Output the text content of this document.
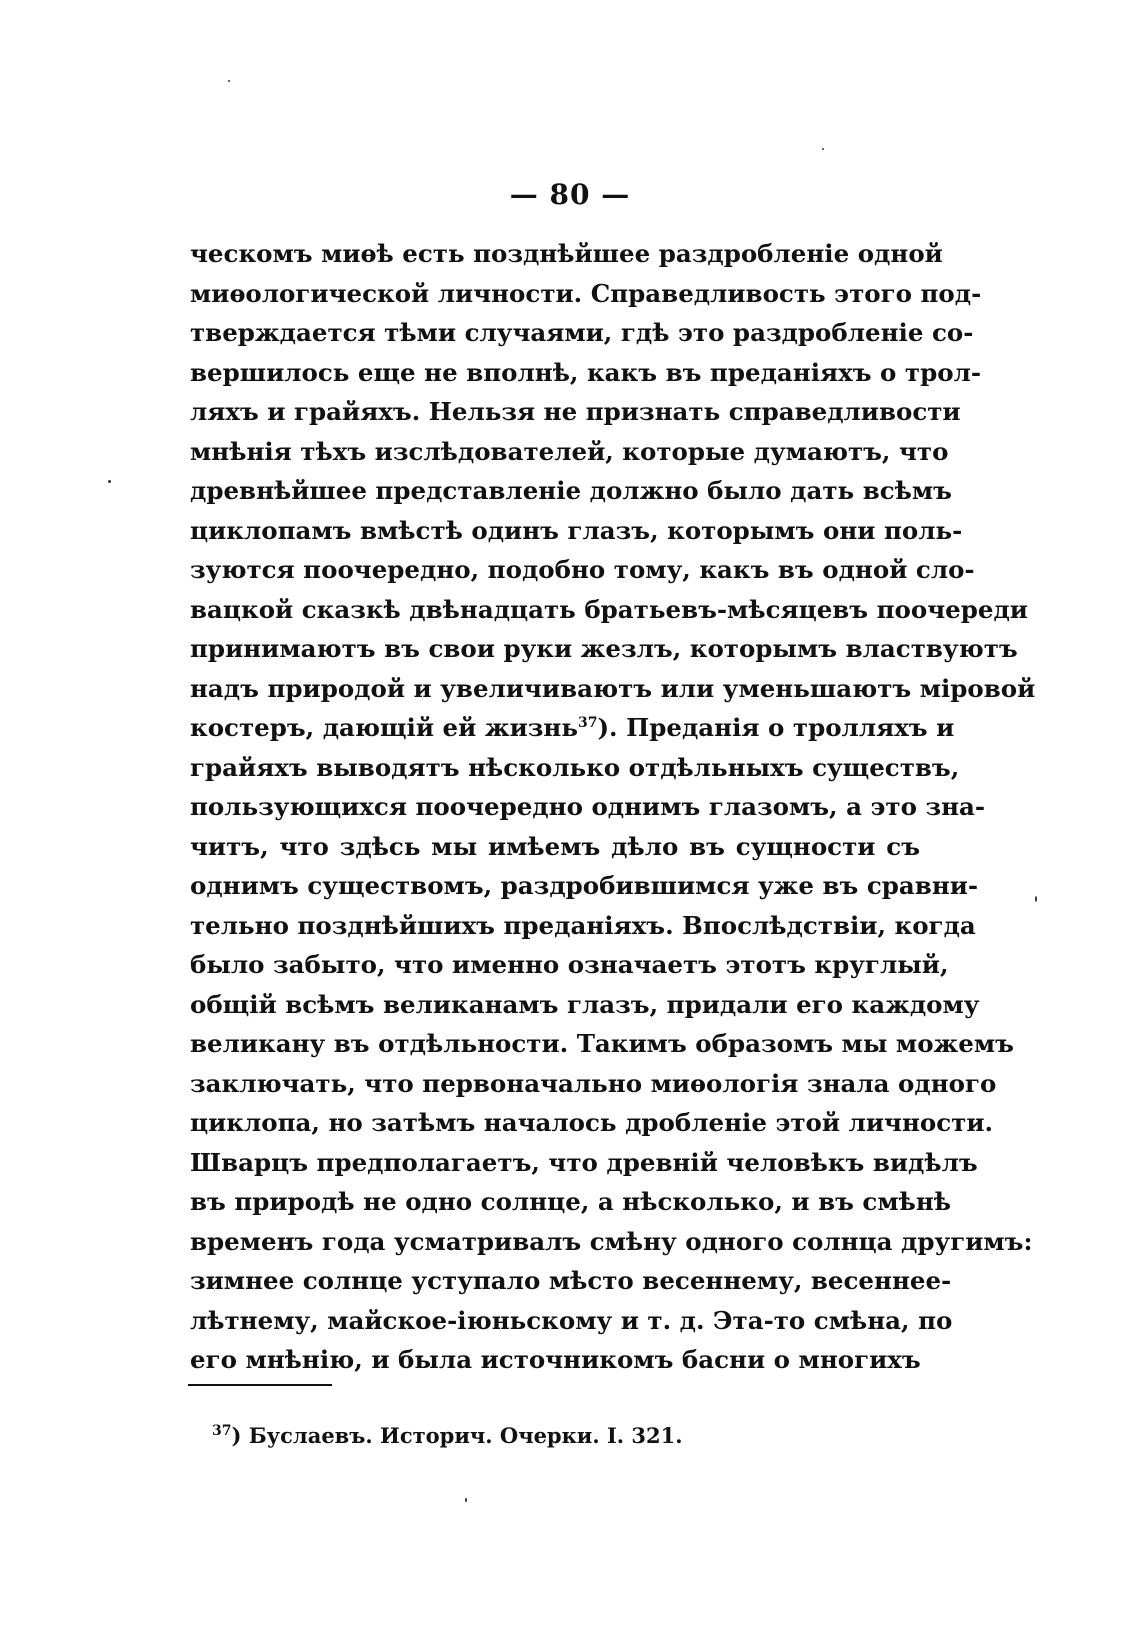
— 80 —
ческомъ миѳѣ есть позднѣйшее раздробленіе одной
миѳологической личности. Справедливость этого под-
тверждается тѣми случаями, гдѣ это раздробленіе со-
вершилось еще не вполнѣ, какъ въ преданіяхъ о трол-
ляхъ и грайяхъ. Нельзя не признать справедливости
мнѣнія тѣхъ изслѣдователей, которые думаютъ, что
древнѣйшее представленіе должно было дать всѣмъ
циклопамъ вмѣстѣ одинъ глазъ, которымъ они поль-
зуются поочередно, подобно тому, какъ въ одной сло-
вацкой сказкѣ двѣнадцать братьевъ-мѣсяцевъ поочереди
принимаютъ въ свои руки жезлъ, которымъ властвуютъ
надъ природой и увеличиваютъ или уменьшаютъ міровой
костеръ, дающій ей жизнь$^{37}$). Преданія о тролляхъ и
грайяхъ выводятъ нѣсколько отдѣльныхъ существъ,
пользующихся поочередно однимъ глазомъ, а это зна-
читъ, что здѣсь мы имѣемъ дѣло въ сущности съ
однимъ существомъ, раздробившимся уже въ сравни-
тельно позднѣйшихъ преданіяхъ. Впослѣдствіи, когда
было забыто, что именно означаетъ этотъ круглый,
общій всѣмъ великанамъ глазъ, придали его каждому
великану въ отдѣльности. Такимъ образомъ мы можемъ
заключать, что первоначально миѳологія знала одного
циклопа, но затѣмъ началось дробленіе этой личности.
Шварцъ предполагаетъ, что древній человѣкъ видѣлъ
въ природѣ не одно солнце, а нѣсколько, и въ смѣнѣ
временъ года усматривалъ смѣну одного солнца другимъ:
зимнее солнце уступало мѣсто весеннему, весеннее-
лѣтнему, майское-іюньскому и т. д. Эта-то смѣна, по
его мнѣнію, и была источникомъ басни о многихъ
$^{37}$) Буслаевъ. Историч. Очерки. I. 321.
